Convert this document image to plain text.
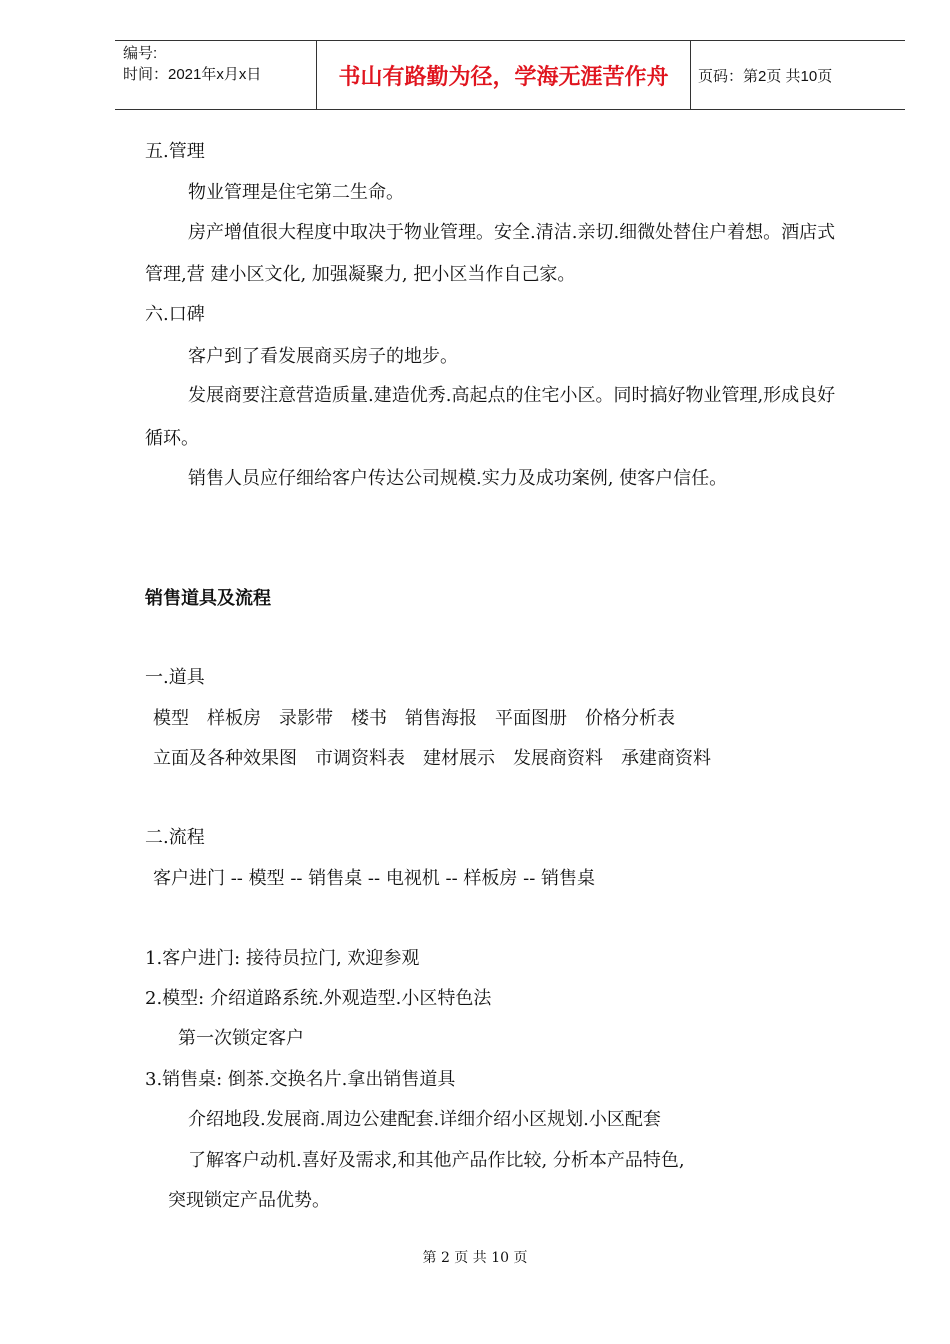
编号:
时间：2021年x月x日	书山有路勤为径，学海无涯苦作舟	页码：第2页 共10页
五.管理
物业管理是住宅第二生命。
房产增值很大程度中取决于物业管理。安全.清洁.亲切.细微处替住户着想。酒店式
管理,营 建小区文化, 加强凝聚力, 把小区当作自己家。
六.口碑
客户到了看发展商买房子的地步。
发展商要注意营造质量.建造优秀.高起点的住宅小区。同时搞好物业管理,形成良好
循环。
销售人员应仔细给客户传达公司规模.实力及成功案例, 使客户信任。
销售道具及流程
一.道具
模型 样板房 录影带 楼书 销售海报 平面图册 价格分析表
立面及各种效果图 市调资料表 建材展示 发展商资料 承建商资料
二.流程
客户进门 -- 模型 -- 销售桌 -- 电视机 -- 样板房 -- 销售桌
1.客户进门: 接待员拉门, 欢迎参观
2.模型: 介绍道路系统.外观造型.小区特色法
第一次锁定客户
3.销售桌: 倒茶.交换名片.拿出销售道具
介绍地段.发展商.周边公建配套.详细介绍小区规划.小区配套
了解客户动机.喜好及需求,和其他产品作比较, 分析本产品特色,
突现锁定产品优势。
第 2 页 共 10 页
